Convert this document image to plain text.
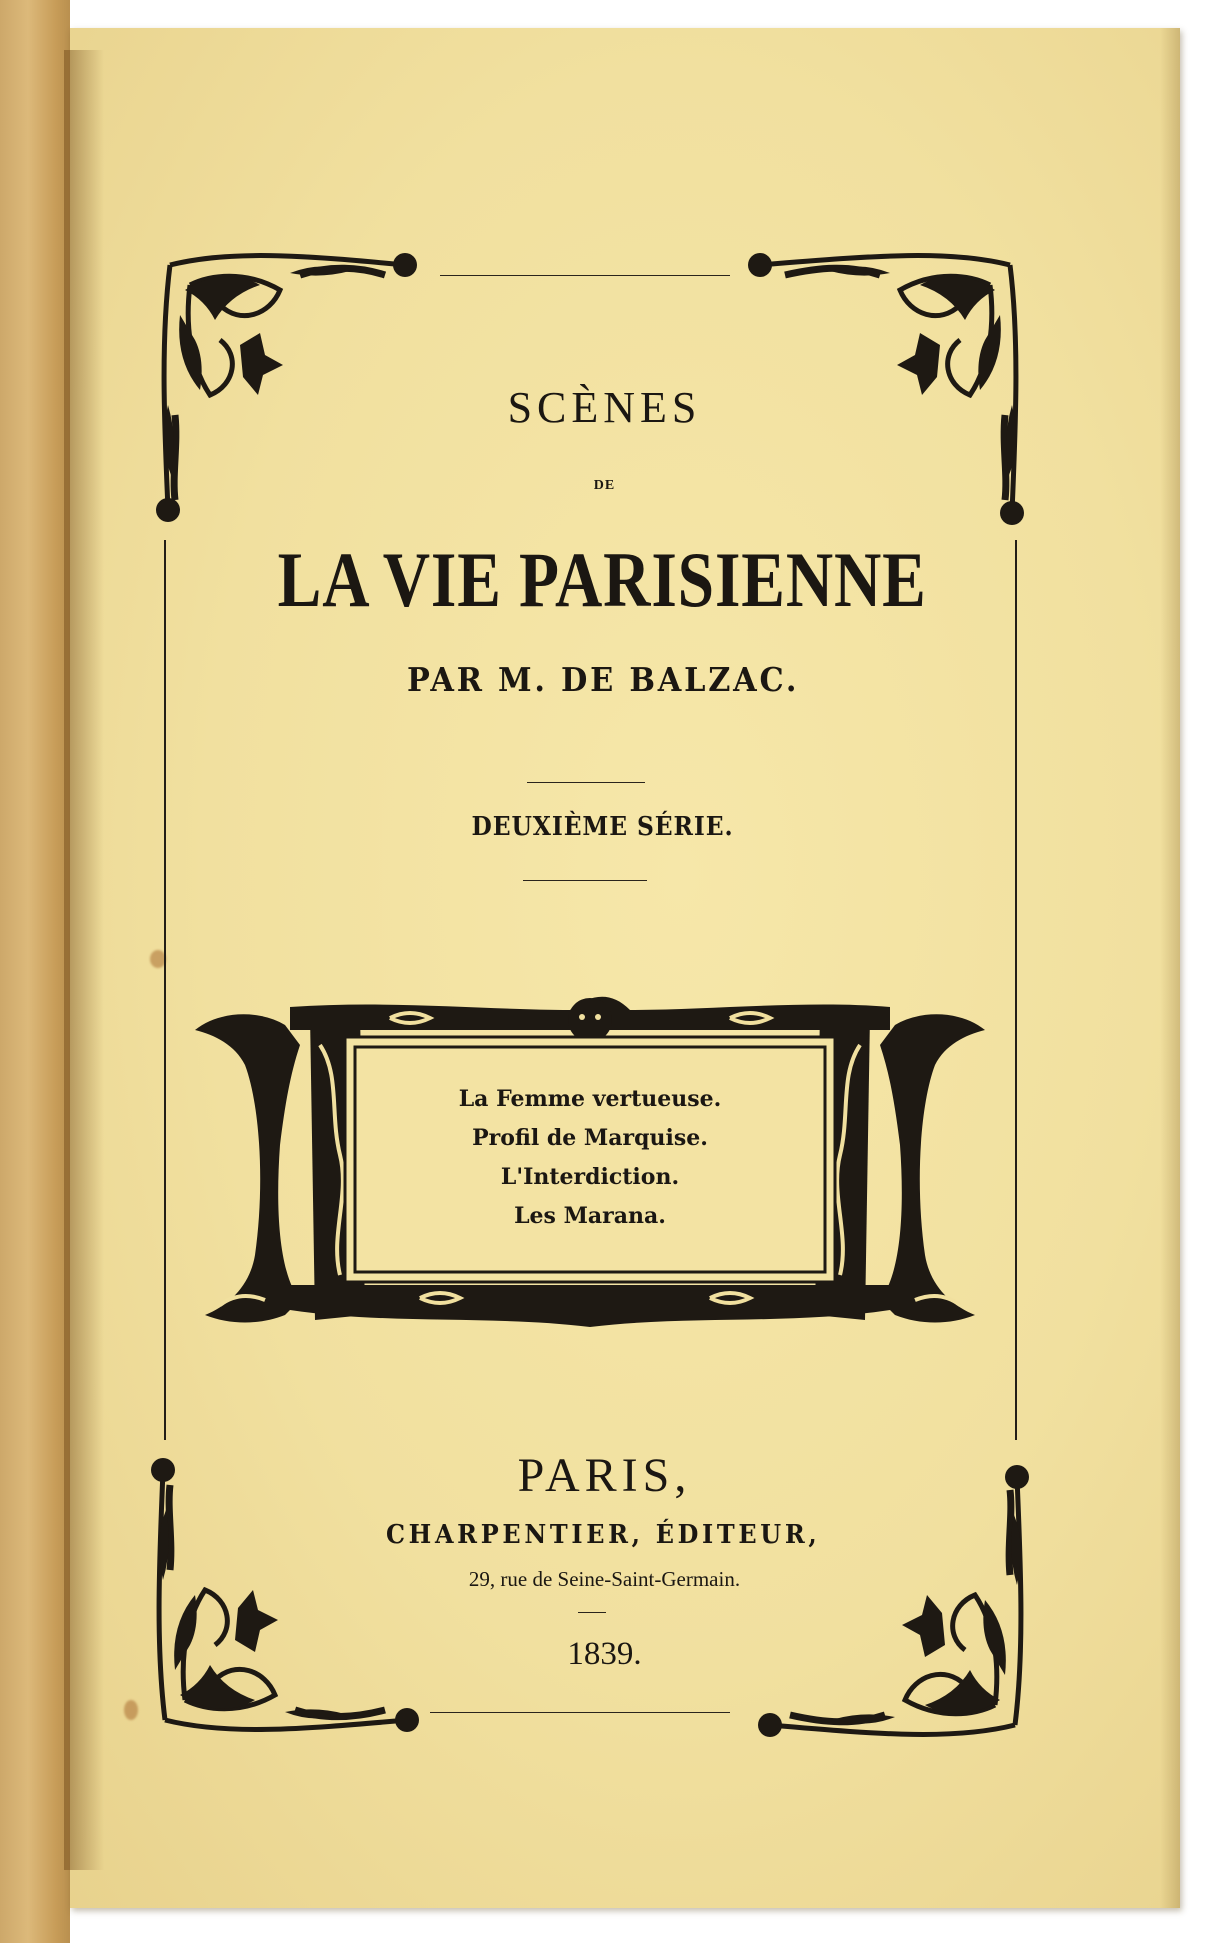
SCÈNES

DE

LA VIE PARISIENNE

PAR M. DE BALZAC.

DEUXIÈME SÉRIE.

La Femme vertueuse.
Profil de Marquise.
L'Interdiction.
Les Marana.

PARIS,

CHARPENTIER, ÉDITEUR,

29, rue de Seine-Saint-Germain.

1839.
